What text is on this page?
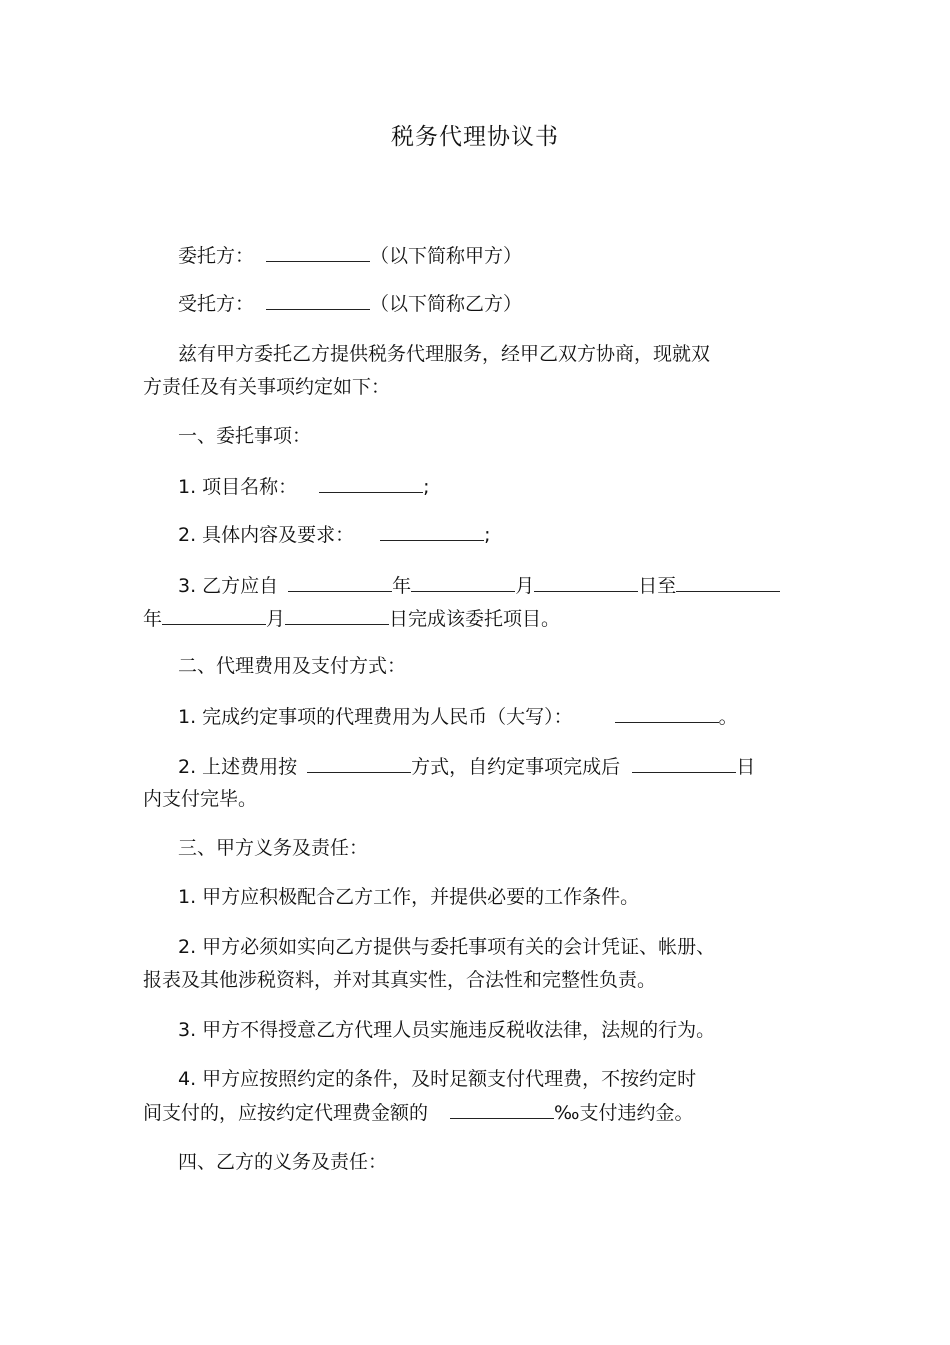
税务代理协议书
委托方：	（以下简称甲方）
受托方：	（以下简称乙方）
兹有甲方委托乙方提供税务代理服务，经甲乙双方协商，现就双
方责任及有关事项约定如下：
一、委托事项：
1. 项目名称：	;
2. 具体内容及要求：	;
3. 乙方应自	年	月	日至
年	月	日完成该委托项目。
二、代理费用及支付方式：
1. 完成约定事项的代理费用为人民币（大写）：	。
2. 上述费用按	方式，自约定事项完成后	日
内支付完毕。
三、甲方义务及责任：
1. 甲方应积极配合乙方工作，并提供必要的工作条件。
2. 甲方必须如实向乙方提供与委托事项有关的会计凭证、帐册、
报表及其他涉税资料，并对其真实性，合法性和完整性负责。
3. 甲方不得授意乙方代理人员实施违反税收法律，法规的行为。
4. 甲方应按照约定的条件，及时足额支付代理费，不按约定时
间支付的，应按约定代理费金额的	‰支付违约金。
四、乙方的义务及责任：
